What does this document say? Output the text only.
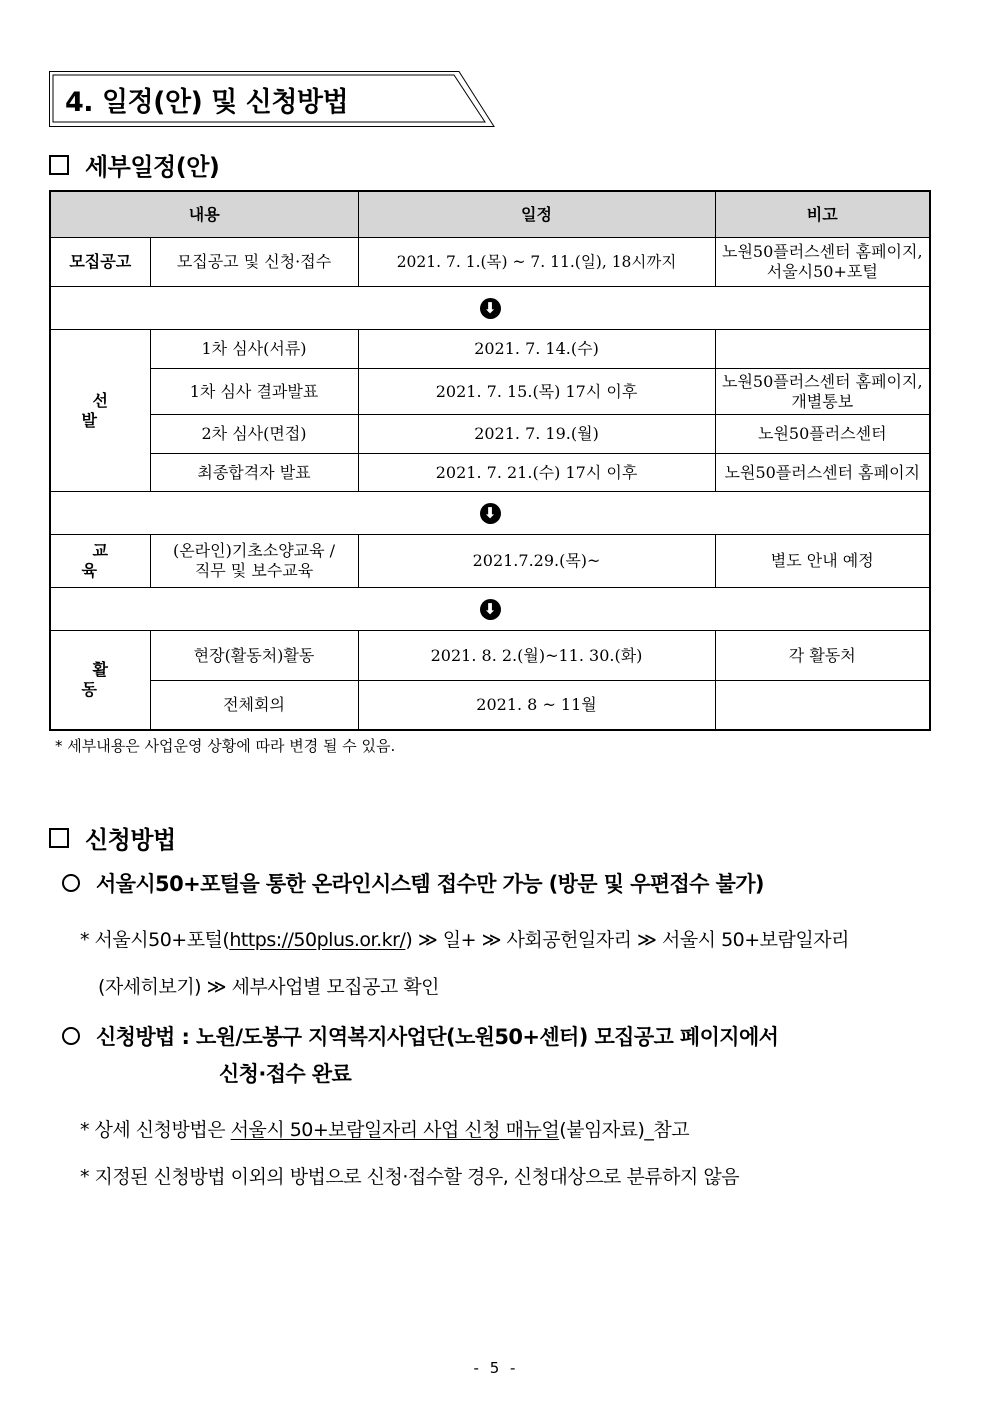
4. 일정(안) 및 신청방법
세부일정(안)
내용		일정	비고
모집공고	모집공고 및 신청·접수	2021. 7. 1.(목) ~ 7. 11.(일), 18시까지	노원50플러스센터 홈페이지,
서울시50+포털

⬇			
선발	1차 심사(서류)	2021. 7. 14.(수)	
	1차 심사 결과발표	2021. 7. 15.(목) 17시 이후	노원50플러스센터 홈페이지,
개별통보

	2차 심사(면접)	2021. 7. 19.(월)	노원50플러스센터
	최종합격자 발표	2021. 7. 21.(수) 17시 이후	노원50플러스센터 홈페이지
⬇			
교육	(온라인)기초소양교육 /
직무 및 보수교육	2021.7.29.(목)~	별도 안내 예정
⬇			
활동	현장(활동처)활동	2021. 8. 2.(월)~11. 30.(화)	각 활동처
	전체회의	2021. 8 ~ 11월	
* 세부내용은 사업운영 상황에 따라 변경 될 수 있음.
신청방법
서울시50+포털을 통한 온라인시스템 접수만 가능 (방문 및 우편접수 불가)
* 서울시50+포털(https://50plus.or.kr/) ≫ 일+ ≫ 사회공헌일자리 ≫ 서울시 50+보람일자리
(자세히보기) ≫ 세부사업별 모집공고 확인
신청방법 : 노원/도봉구 지역복지사업단(노원50+센터) 모집공고 페이지에서
신청·접수 완료
* 상세 신청방법은 서울시 50+보람일자리 사업 신청 매뉴얼(붙임자료)_참고
* 지정된 신청방법 이외의 방법으로 신청·접수할 경우, 신청대상으로 분류하지 않음
- 5 -
